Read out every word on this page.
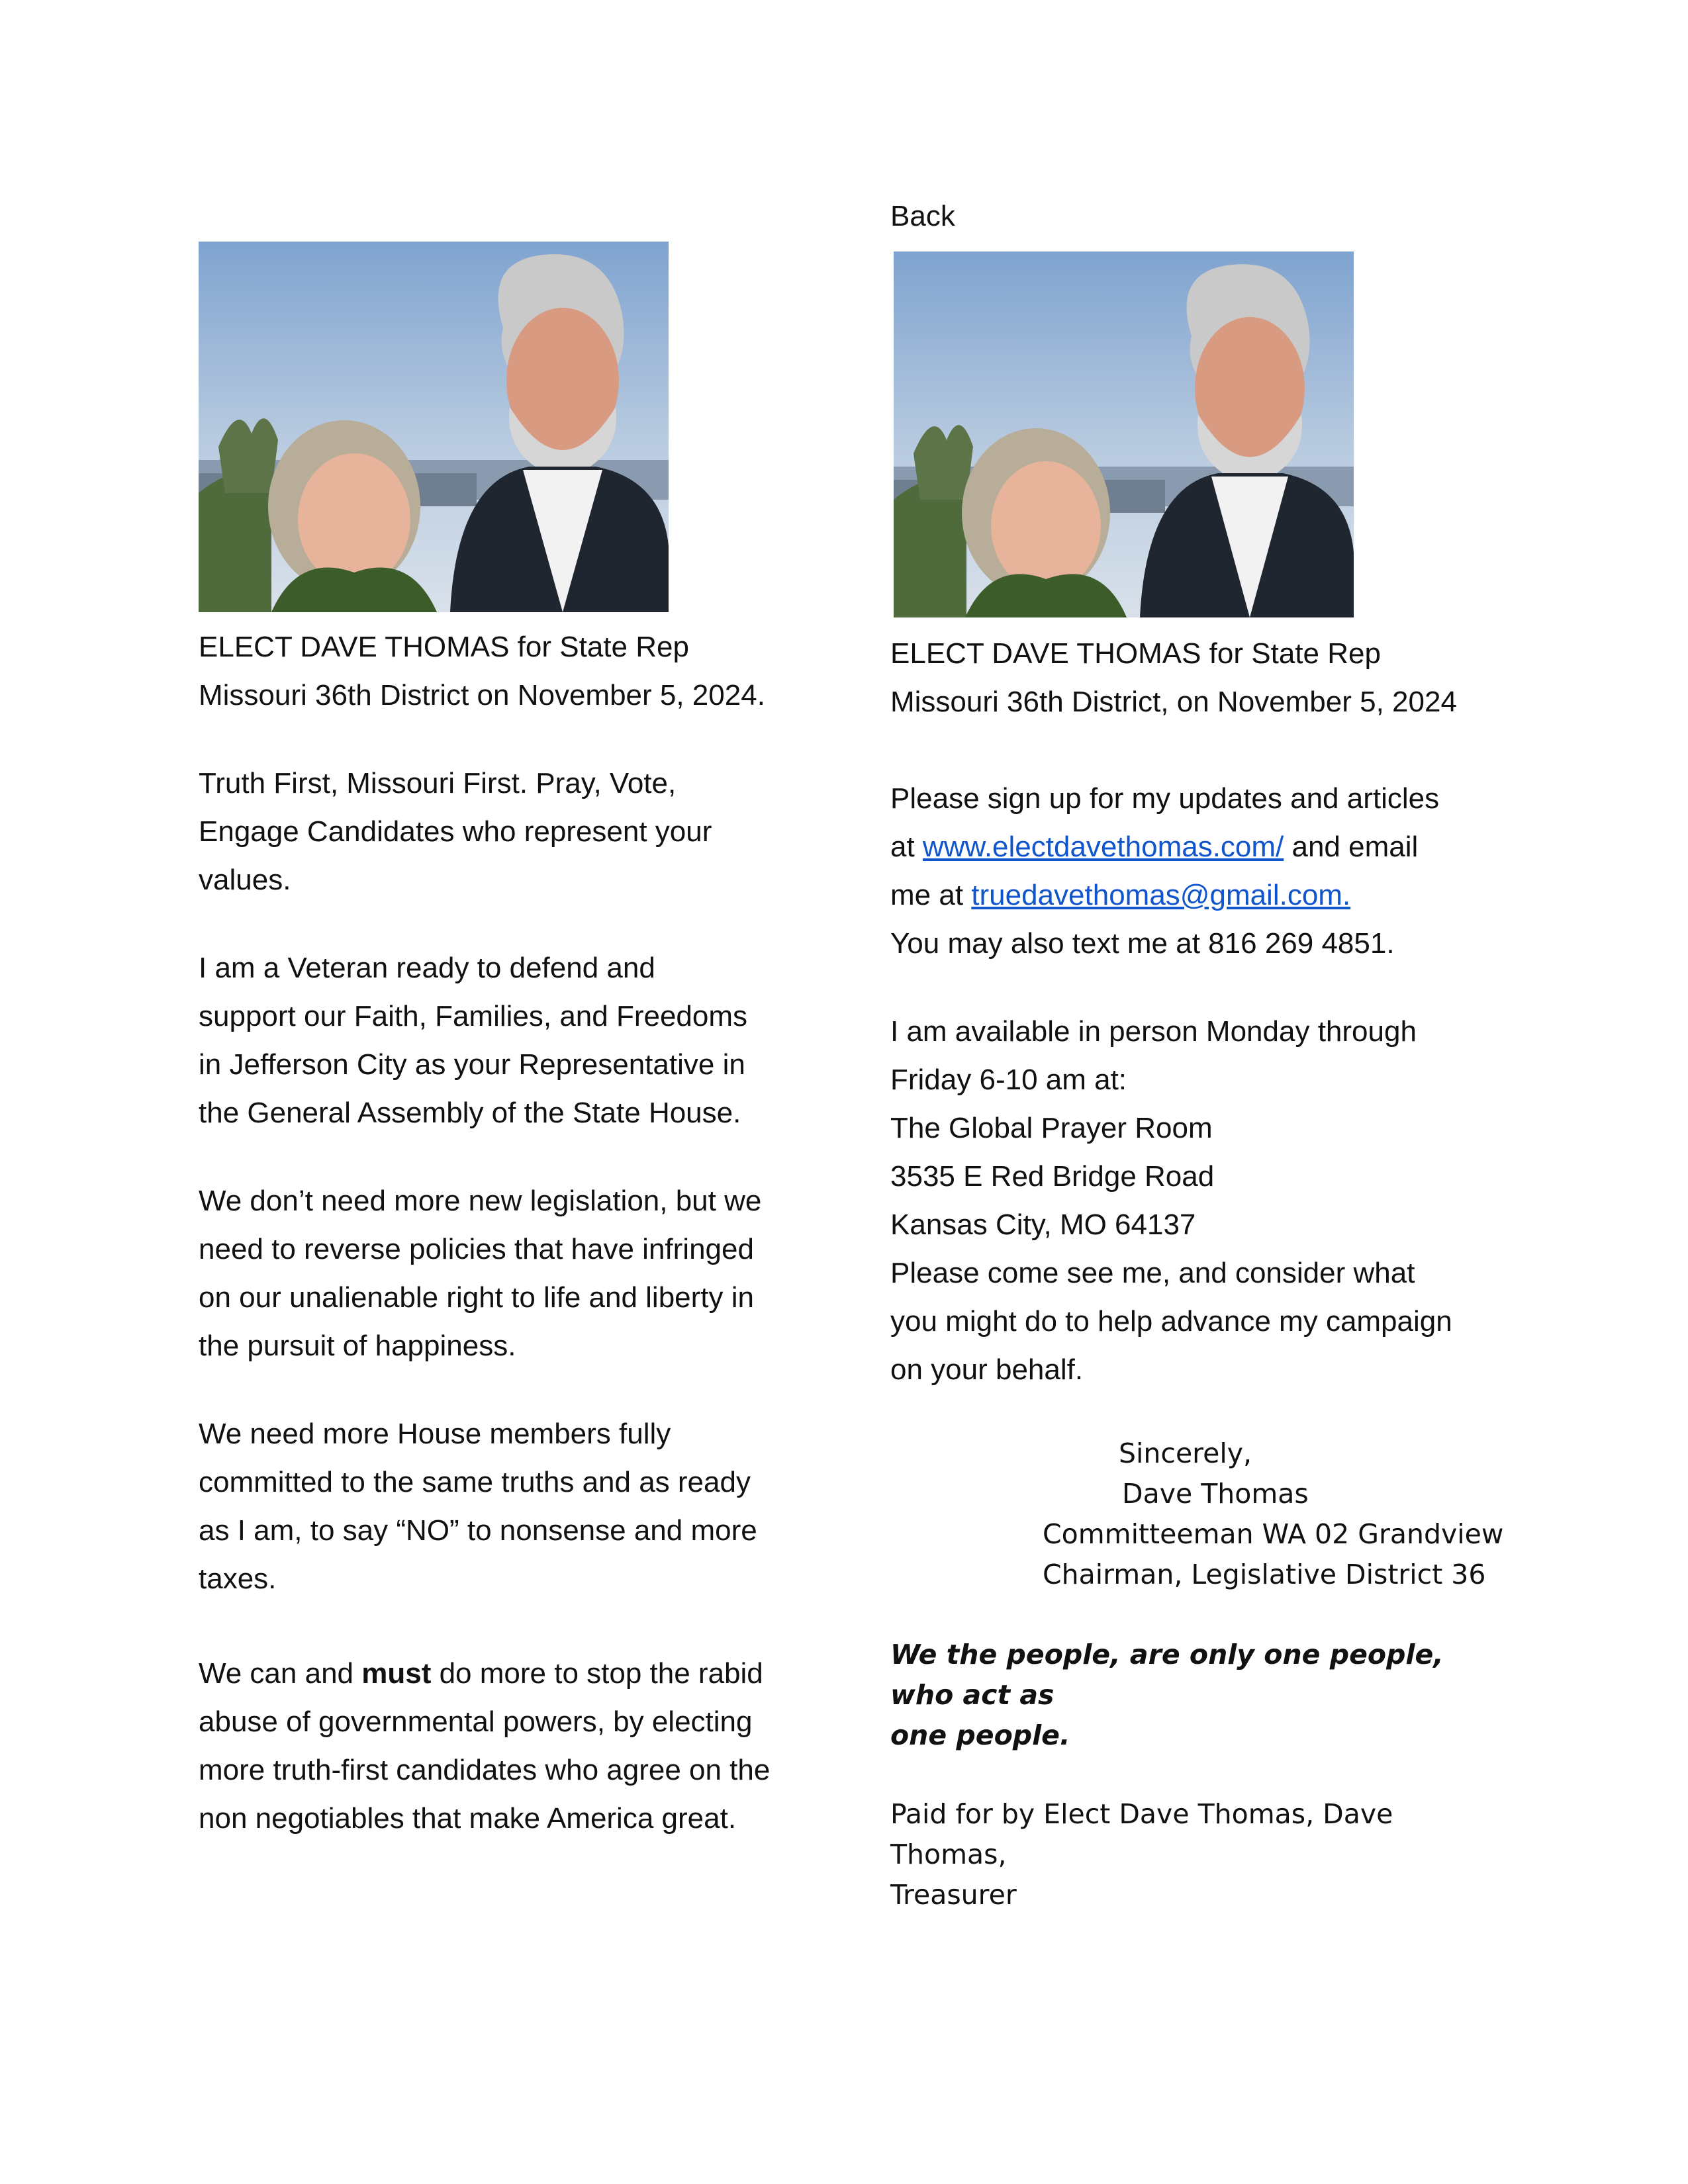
ELECT DAVE THOMAS for State Rep
Missouri 36th District on November 5, 2024.

Truth First, Missouri First. Pray, Vote,
Engage Candidates who represent your
values.

I am a Veteran ready to defend and
support our Faith, Families, and Freedoms
in Jefferson City as your Representative in
the General Assembly of the State House.

We don’t need more new legislation, but we
need to reverse policies that have infringed
on our unalienable right to life and liberty in
the pursuit of happiness.

We need more House members fully
committed to the same truths and as ready
as I am, to say “NO” to nonsense and more
taxes.

We can and must do more to stop the rabid
abuse of governmental powers, by electing
more truth-first candidates who agree on the
non negotiables that make America great.

Back

ELECT DAVE THOMAS for State Rep
Missouri 36th District, on November 5, 2024

Please sign up for my updates and articles
at www.electdavethomas.com/ and email
me at truedavethomas@gmail.com.
You may also text me at 816 269 4851.

I am available in person Monday through
Friday 6-10 am at:
The Global Prayer Room
3535 E Red Bridge Road
Kansas City, MO 64137
Please come see me, and consider what
you might do to help advance my campaign
on your behalf.

Sincerely,
Dave Thomas
Committeeman WA 02 Grandview
Chairman, Legislative District 36

We the people, are only one people, who act as
one people.

Paid for by Elect Dave Thomas, Dave Thomas,
Treasurer
